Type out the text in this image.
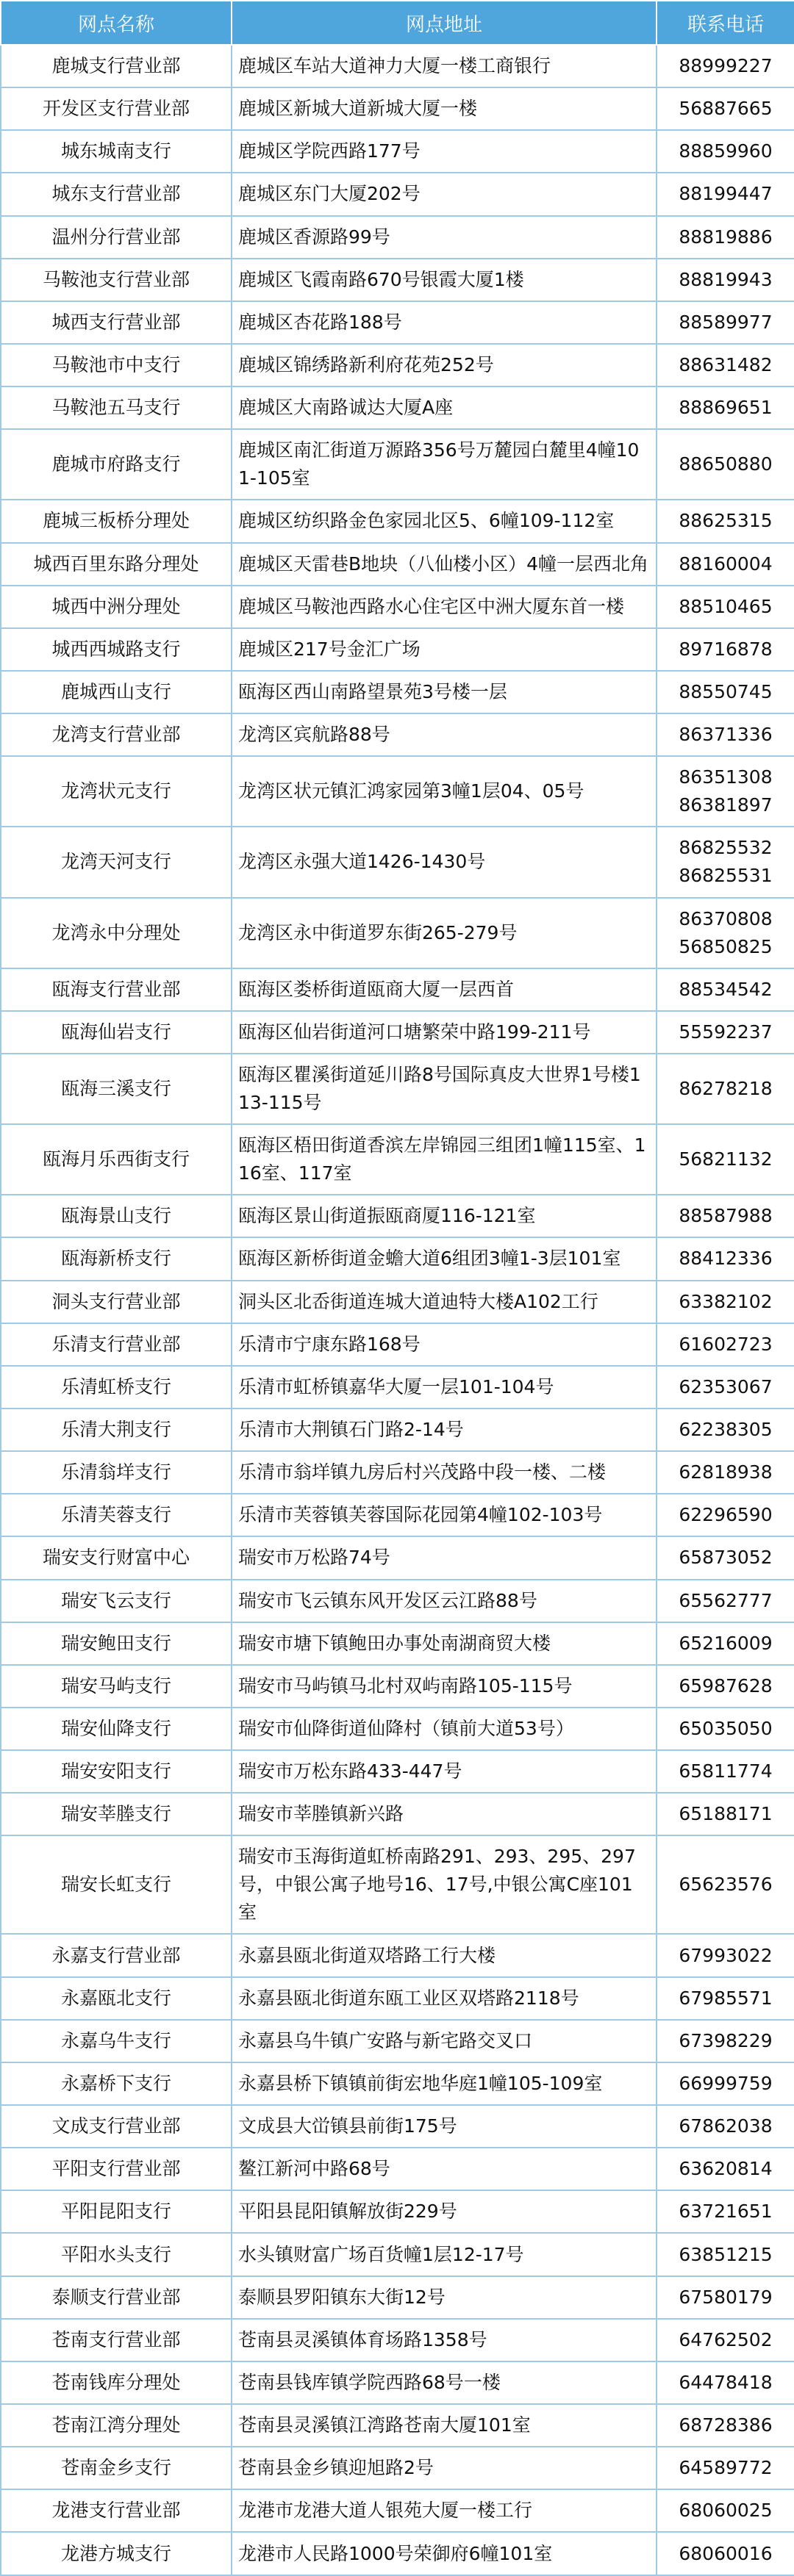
网点名称	网点地址	联系电话
鹿城支行营业部	鹿城区车站大道神力大厦一楼工商银行	88999227
开发区支行营业部	鹿城区新城大道新城大厦一楼	56887665
城东城南支行	鹿城区学院西路177号	88859960
城东支行营业部	鹿城区东门大厦202号	88199447
温州分行营业部	鹿城区香源路99号	88819886
马鞍池支行营业部	鹿城区飞霞南路670号银霞大厦1楼	88819943
城西支行营业部	鹿城区杏花路188号	88589977
马鞍池市中支行	鹿城区锦绣路新利府花苑252号	88631482
马鞍池五马支行	鹿城区大南路诚达大厦A座	88869651
鹿城市府路支行	鹿城区南汇街道万源路356号万麓园白麓里4幢101-105室	88650880
鹿城三板桥分理处	鹿城区纺织路金色家园北区5、6幢109-112室	88625315
城西百里东路分理处	鹿城区天雷巷B地块（八仙楼小区）4幢一层西北角	88160004
城西中洲分理处	鹿城区马鞍池西路水心住宅区中洲大厦东首一楼	88510465
城西西城路支行	鹿城区217号金汇广场	89716878
鹿城西山支行	瓯海区西山南路望景苑3号楼一层	88550745
龙湾支行营业部	龙湾区宾航路88号	86371336
龙湾状元支行	龙湾区状元镇汇鸿家园第3幢1层04、05号	86351308
86381897
龙湾天河支行	龙湾区永强大道1426-1430号	86825532
86825531
龙湾永中分理处	龙湾区永中街道罗东街265-279号	86370808
56850825
瓯海支行营业部	瓯海区娄桥街道瓯商大厦一层西首	88534542
瓯海仙岩支行	瓯海区仙岩街道河口塘繁荣中路199-211号	55592237
瓯海三溪支行	瓯海区瞿溪街道延川路8号国际真皮大世界1号楼113-115号	86278218
瓯海月乐西街支行	瓯海区梧田街道香滨左岸锦园三组团1幢115室、116室、117室	56821132
瓯海景山支行	瓯海区景山街道振瓯商厦116-121室	88587988
瓯海新桥支行	瓯海区新桥街道金蟾大道6组团3幢1-3层101室	88412336
洞头支行营业部	洞头区北岙街道连城大道迪特大楼A102工行	63382102
乐清支行营业部	乐清市宁康东路168号	61602723
乐清虹桥支行	乐清市虹桥镇嘉华大厦一层101-104号	62353067
乐清大荆支行	乐清市大荆镇石门路2-14号	62238305
乐清翁垟支行	乐清市翁垟镇九房后村兴茂路中段一楼、二楼	62818938
乐清芙蓉支行	乐清市芙蓉镇芙蓉国际花园第4幢102-103号	62296590
瑞安支行财富中心	瑞安市万松路74号	65873052
瑞安飞云支行	瑞安市飞云镇东风开发区云江路88号	65562777
瑞安鲍田支行	瑞安市塘下镇鲍田办事处南湖商贸大楼	65216009
瑞安马屿支行	瑞安市马屿镇马北村双屿南路105-115号	65987628
瑞安仙降支行	瑞安市仙降街道仙降村（镇前大道53号）	65035050
瑞安安阳支行	瑞安市万松东路433-447号	65811774
瑞安莘塍支行	瑞安市莘塍镇新兴路	65188171
瑞安长虹支行	瑞安市玉海街道虹桥南路291、293、295、297号，中银公寓子地号16、17号,中银公寓C座101室	65623576
永嘉支行营业部	永嘉县瓯北街道双塔路工行大楼	67993022
永嘉瓯北支行	永嘉县瓯北街道东瓯工业区双塔路2118号	67985571
永嘉乌牛支行	永嘉县乌牛镇广安路与新宅路交叉口	67398229
永嘉桥下支行	永嘉县桥下镇镇前街宏地华庭1幢105-109室	66999759
文成支行营业部	文成县大峃镇县前街175号	67862038
平阳支行营业部	鳌江新河中路68号	63620814
平阳昆阳支行	平阳县昆阳镇解放街229号	63721651
平阳水头支行	水头镇财富广场百货幢1层12-17号	63851215
泰顺支行营业部	泰顺县罗阳镇东大街12号	67580179
苍南支行营业部	苍南县灵溪镇体育场路1358号	64762502
苍南钱库分理处	苍南县钱库镇学院西路68号一楼	64478418
苍南江湾分理处	苍南县灵溪镇江湾路苍南大厦101室	68728386
苍南金乡支行	苍南县金乡镇迎旭路2号	64589772
龙港支行营业部	龙港市龙港大道人银苑大厦一楼工行	68060025
龙港方城支行	龙港市人民路1000号荣御府6幢101室	68060016
